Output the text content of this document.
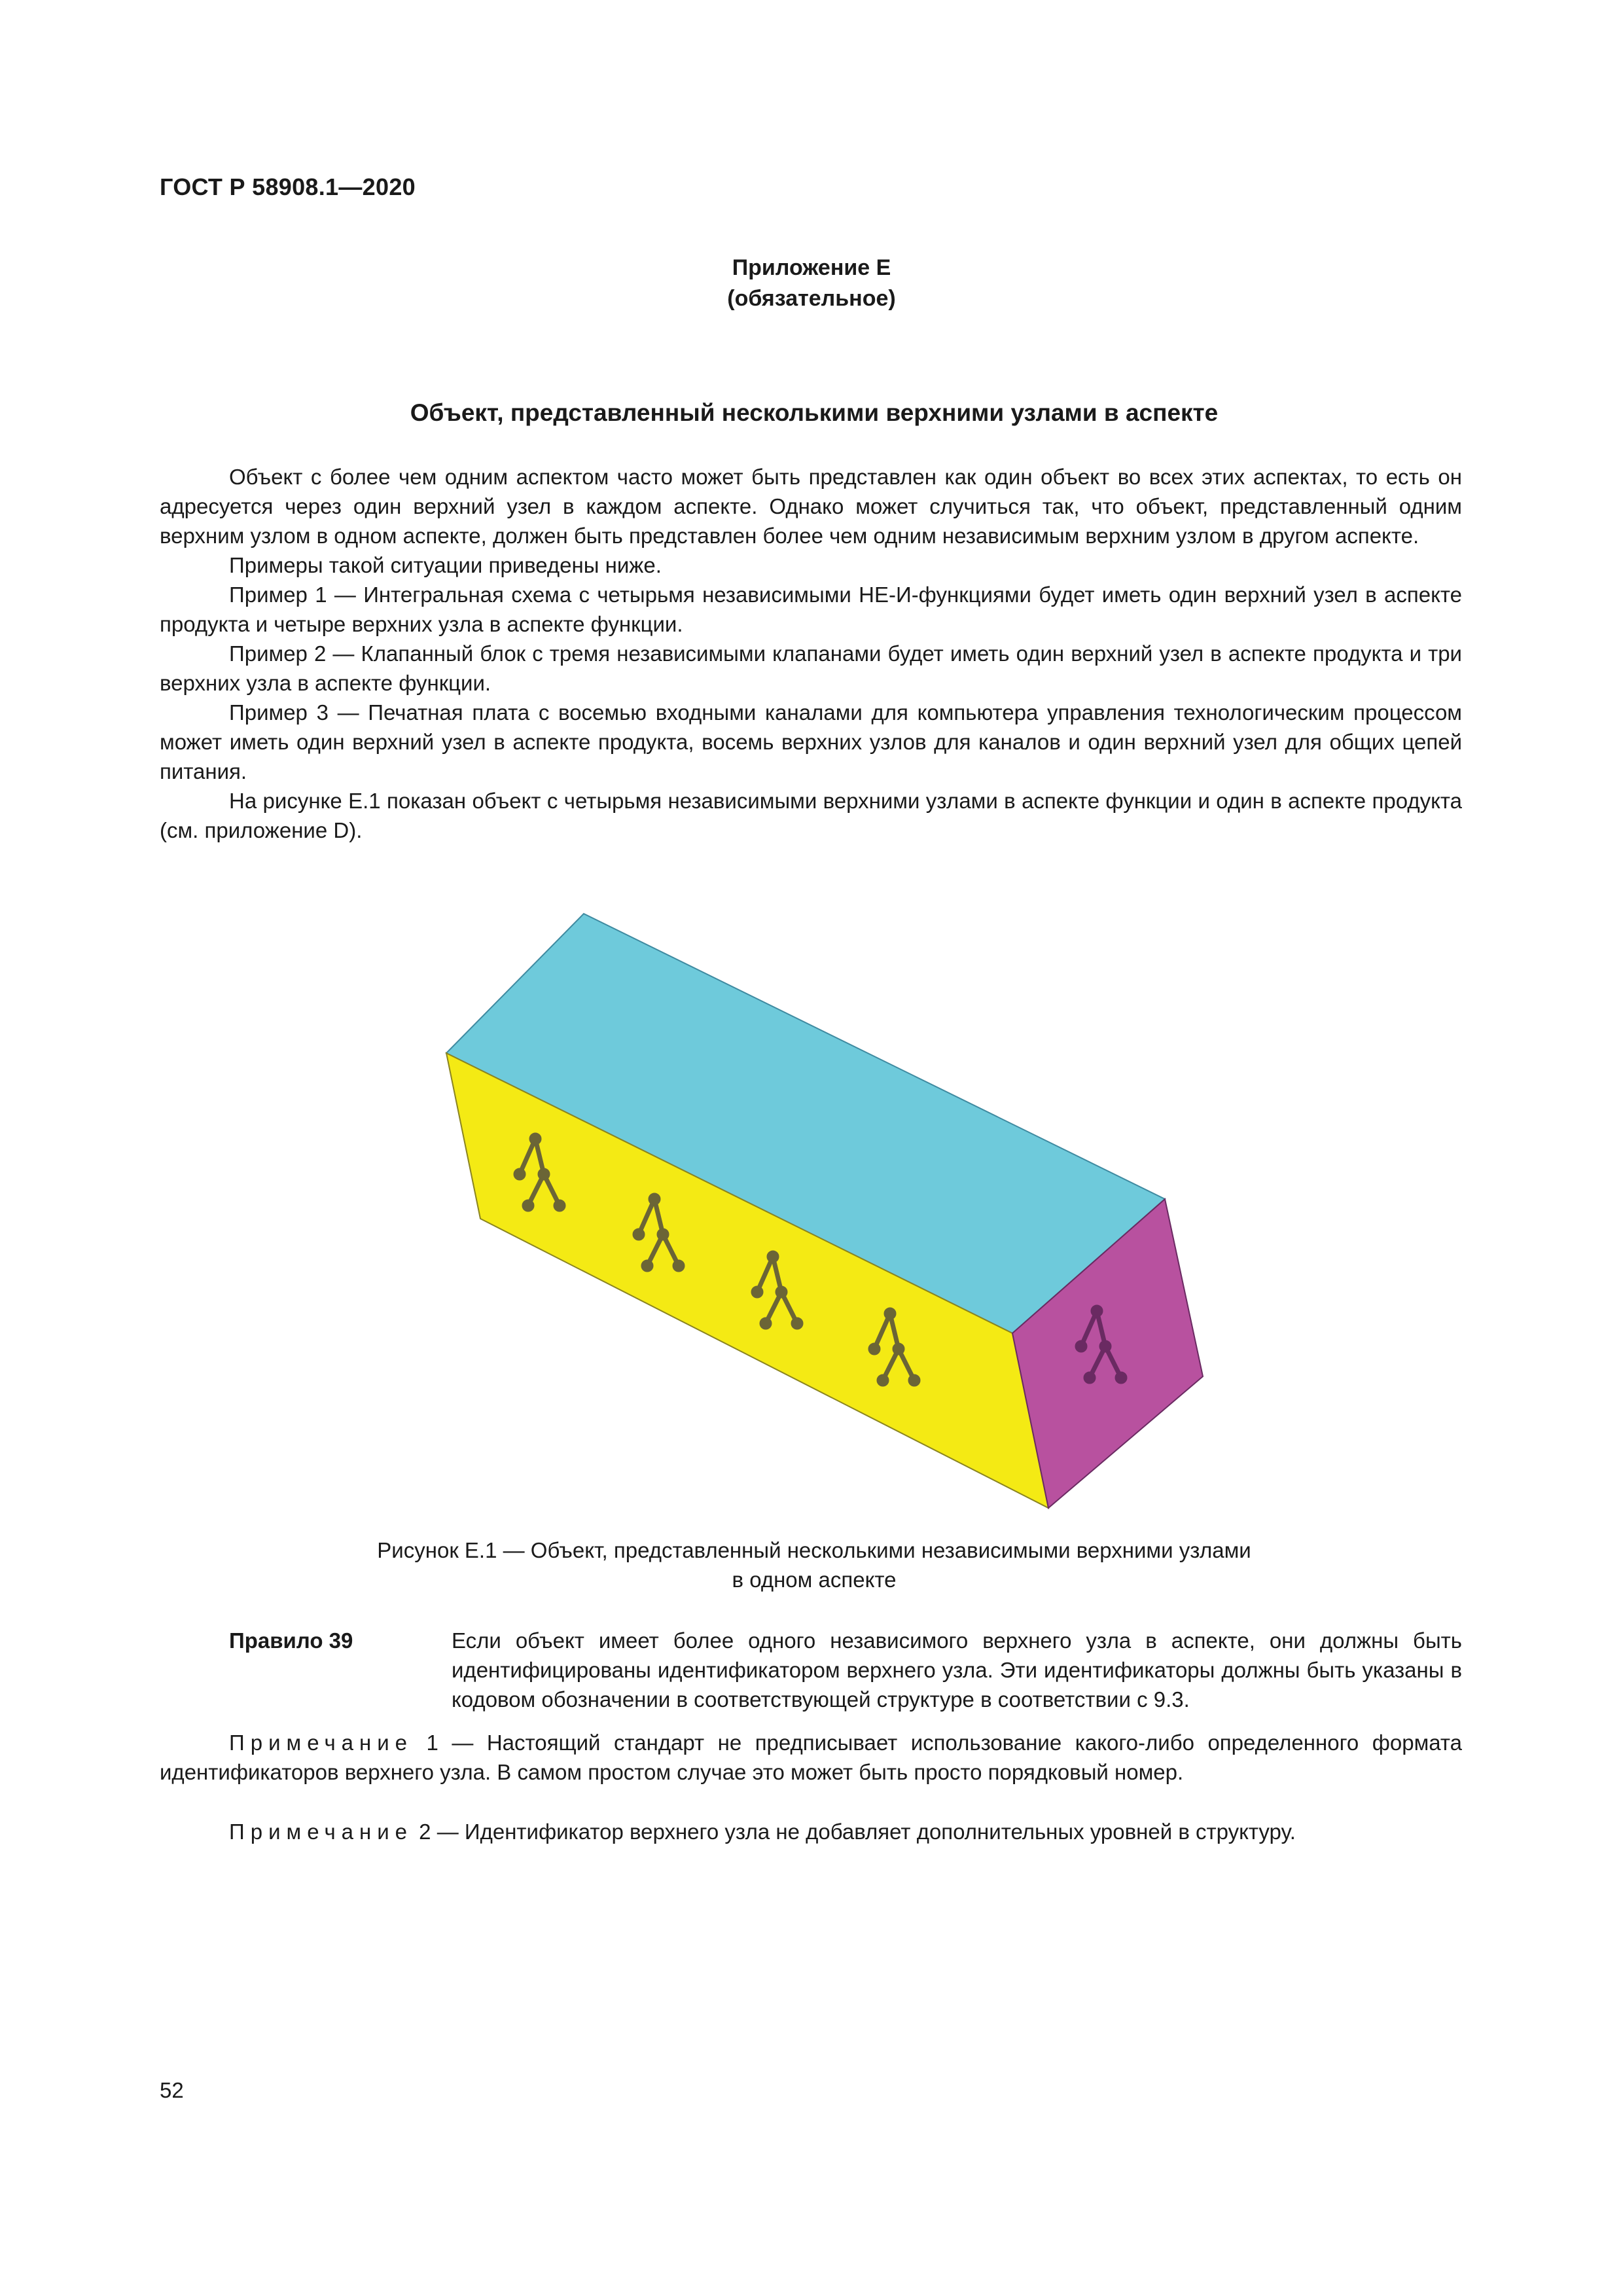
ГОСТ Р 58908.1—2020
Приложение E
(обязательное)
Объект, представленный несколькими верхними узлами в аспекте

Объект с более чем одним аспектом часто может быть представлен как один объект во всех этих аспектах, то есть он адресуется через один верхний узел в каждом аспекте. Однако может случиться так, что объект, представленный одним верхним узлом в одном аспекте, должен быть представлен более чем одним независимым верхним узлом в другом аспекте.

Примеры такой ситуации приведены ниже.

Пример 1 — Интегральная схема с четырьмя независимыми НЕ-И-функциями будет иметь один верхний узел в аспекте продукта и четыре верхних узла в аспекте функции.

Пример 2 — Клапанный блок с тремя независимыми клапанами будет иметь один верхний узел в аспекте продукта и три верхних узла в аспекте функции.

Пример 3 — Печатная плата с восемью входными каналами для компьютера управления технологическим процессом может иметь один верхний узел в аспекте продукта, восемь верхних узлов для каналов и один верхний узел для общих цепей питания.

На рисунке E.1 показан объект с четырьмя независимыми верхними узлами в аспекте функции и один в аспекте продукта (см. приложение D).

Рисунок E.1 — Объект, представленный несколькими независимыми верхними узлами
в одном аспекте
Правило 39	Если объект имеет более одного независимого верхнего узла в аспекте, они должны быть идентифицированы идентификатором верхнего узла. Эти идентификаторы должны быть указаны в кодовом обозначении в соответствующей структуре в соответствии с 9.3.

Примечание 1 — Настоящий стандарт не предписывает использование какого-либо определенного формата идентификаторов верхнего узла. В самом простом случае это может быть просто порядковый номер.

Примечание 2 — Идентификатор верхнего узла не добавляет дополнительных уровней в структуру.

52
